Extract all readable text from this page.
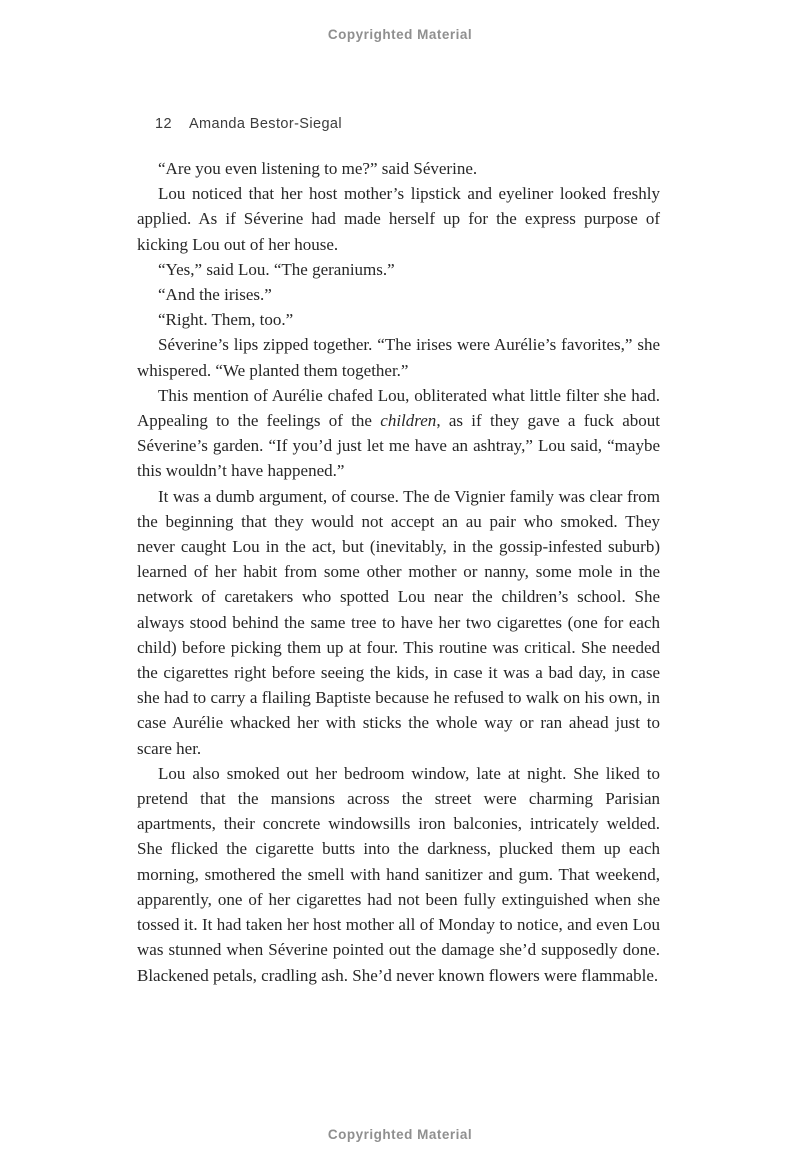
Copyrighted Material
12 Amanda Bestor-Siegal

“Are you even listening to me?” said Séverine.

Lou noticed that her host mother’s lipstick and eyeliner looked freshly applied. As if Séverine had made herself up for the express purpose of kicking Lou out of her house.

“Yes,” said Lou. “The geraniums.”

“And the irises.”

“Right. Them, too.”

Séverine’s lips zipped together. “The irises were Aurélie’s favorites,” she whispered. “We planted them together.”

This mention of Aurélie chafed Lou, obliterated what little filter she had. Appealing to the feelings of the children, as if they gave a fuck about Séverine’s garden. “If you’d just let me have an ashtray,” Lou said, “maybe this wouldn’t have happened.”

It was a dumb argument, of course. The de Vignier family was clear from the beginning that they would not accept an au pair who smoked. They never caught Lou in the act, but (inevitably, in the gossip-infested suburb) learned of her habit from some other mother or nanny, some mole in the network of caretakers who spotted Lou near the children’s school. She always stood behind the same tree to have her two cigarettes (one for each child) before picking them up at four. This routine was critical. She needed the cigarettes right before seeing the kids, in case it was a bad day, in case she had to carry a flailing Baptiste because he refused to walk on his own, in case Aurélie whacked her with sticks the whole way or ran ahead just to scare her.

Lou also smoked out her bedroom window, late at night. She liked to pretend that the mansions across the street were charming Parisian apartments, their concrete windowsills iron balconies, intricately welded. She flicked the cigarette butts into the darkness, plucked them up each morning, smothered the smell with hand sanitizer and gum. That weekend, apparently, one of her cigarettes had not been fully extinguished when she tossed it. It had taken her host mother all of Monday to notice, and even Lou was stunned when Séverine pointed out the damage she’d supposedly done. Blackened petals, cradling ash. She’d never known flowers were flammable.

Copyrighted Material
